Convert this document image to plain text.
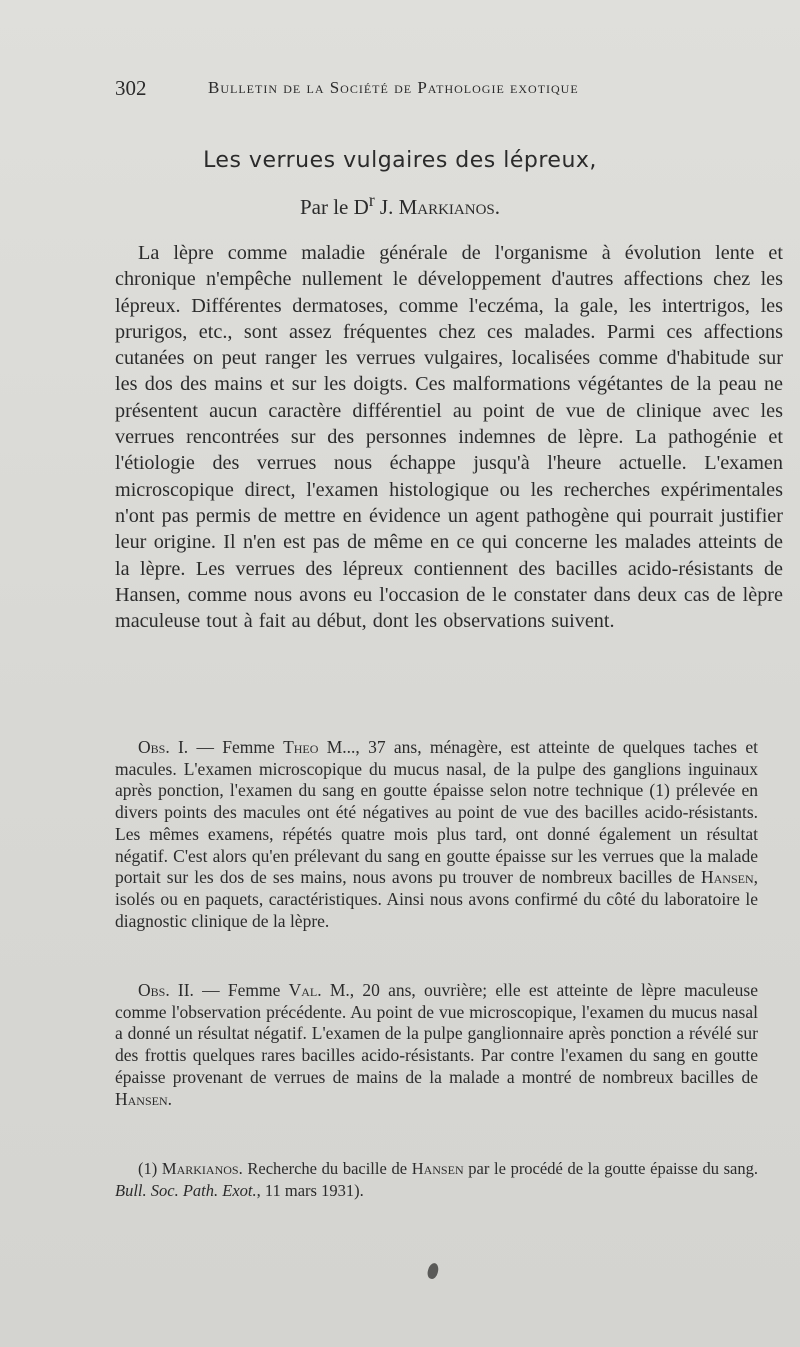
302	Bulletin de la Société de Pathologie exotique
Les verrues vulgaires des lépreux,
Par le $D^r$ J. Markianos.

La lèpre comme maladie générale de l'organisme à évolution lente et chronique n'empêche nullement le développement d'autres affections chez les lépreux. Différentes dermatoses, comme l'eczéma, la gale, les intertrigos, les prurigos, etc., sont assez fréquentes chez ces malades. Parmi ces affections cutanées on peut ranger les verrues vulgaires, localisées comme d'habitude sur les dos des mains et sur les doigts. Ces malformations végétantes de la peau ne présentent aucun caractère différentiel au point de vue de clinique avec les verrues rencontrées sur des personnes indemnes de lèpre. La pathogénie et l'étiologie des verrues nous échappe jusqu'à l'heure actuelle. L'examen microscopique direct, l'examen histologique ou les recherches expérimentales n'ont pas permis de mettre en évidence un agent pathogène qui pourrait justifier leur origine. Il n'en est pas de même en ce qui concerne les malades atteints de la lèpre. Les verrues des lépreux contiennent des bacilles acido-résistants de Hansen, comme nous avons eu l'occasion de le constater dans deux cas de lèpre maculeuse tout à fait au début, dont les observations suivent.

Obs. I. — Femme Theo M..., 37 ans, ménagère, est atteinte de quelques taches et macules. L'examen microscopique du mucus nasal, de la pulpe des ganglions inguinaux après ponction, l'examen du sang en goutte épaisse selon notre technique (1) prélevée en divers points des macules ont été négatives au point de vue des bacilles acido-résistants. Les mêmes examens, répétés quatre mois plus tard, ont donné également un résultat négatif. C'est alors qu'en prélevant du sang en goutte épaisse sur les verrues que la malade portait sur les dos de ses mains, nous avons pu trouver de nombreux bacilles de Hansen, isolés ou en paquets, caractéristiques. Ainsi nous avons confirmé du côté du laboratoire le diagnostic clinique de la lèpre.

Obs. II. — Femme Val. M., 20 ans, ouvrière; elle est atteinte de lèpre maculeuse comme l'observation précédente. Au point de vue microscopique, l'examen du mucus nasal a donné un résultat négatif. L'examen de la pulpe ganglionnaire après ponction a révélé sur des frottis quelques rares bacilles acido-résistants. Par contre l'examen du sang en goutte épaisse provenant de verrues de mains de la malade a montré de nombreux bacilles de Hansen.

(1) Markianos. Recherche du bacille de Hansen par le procédé de la goutte épaisse du sang. Bull. Soc. Path. Exot., 11 mars 1931).
